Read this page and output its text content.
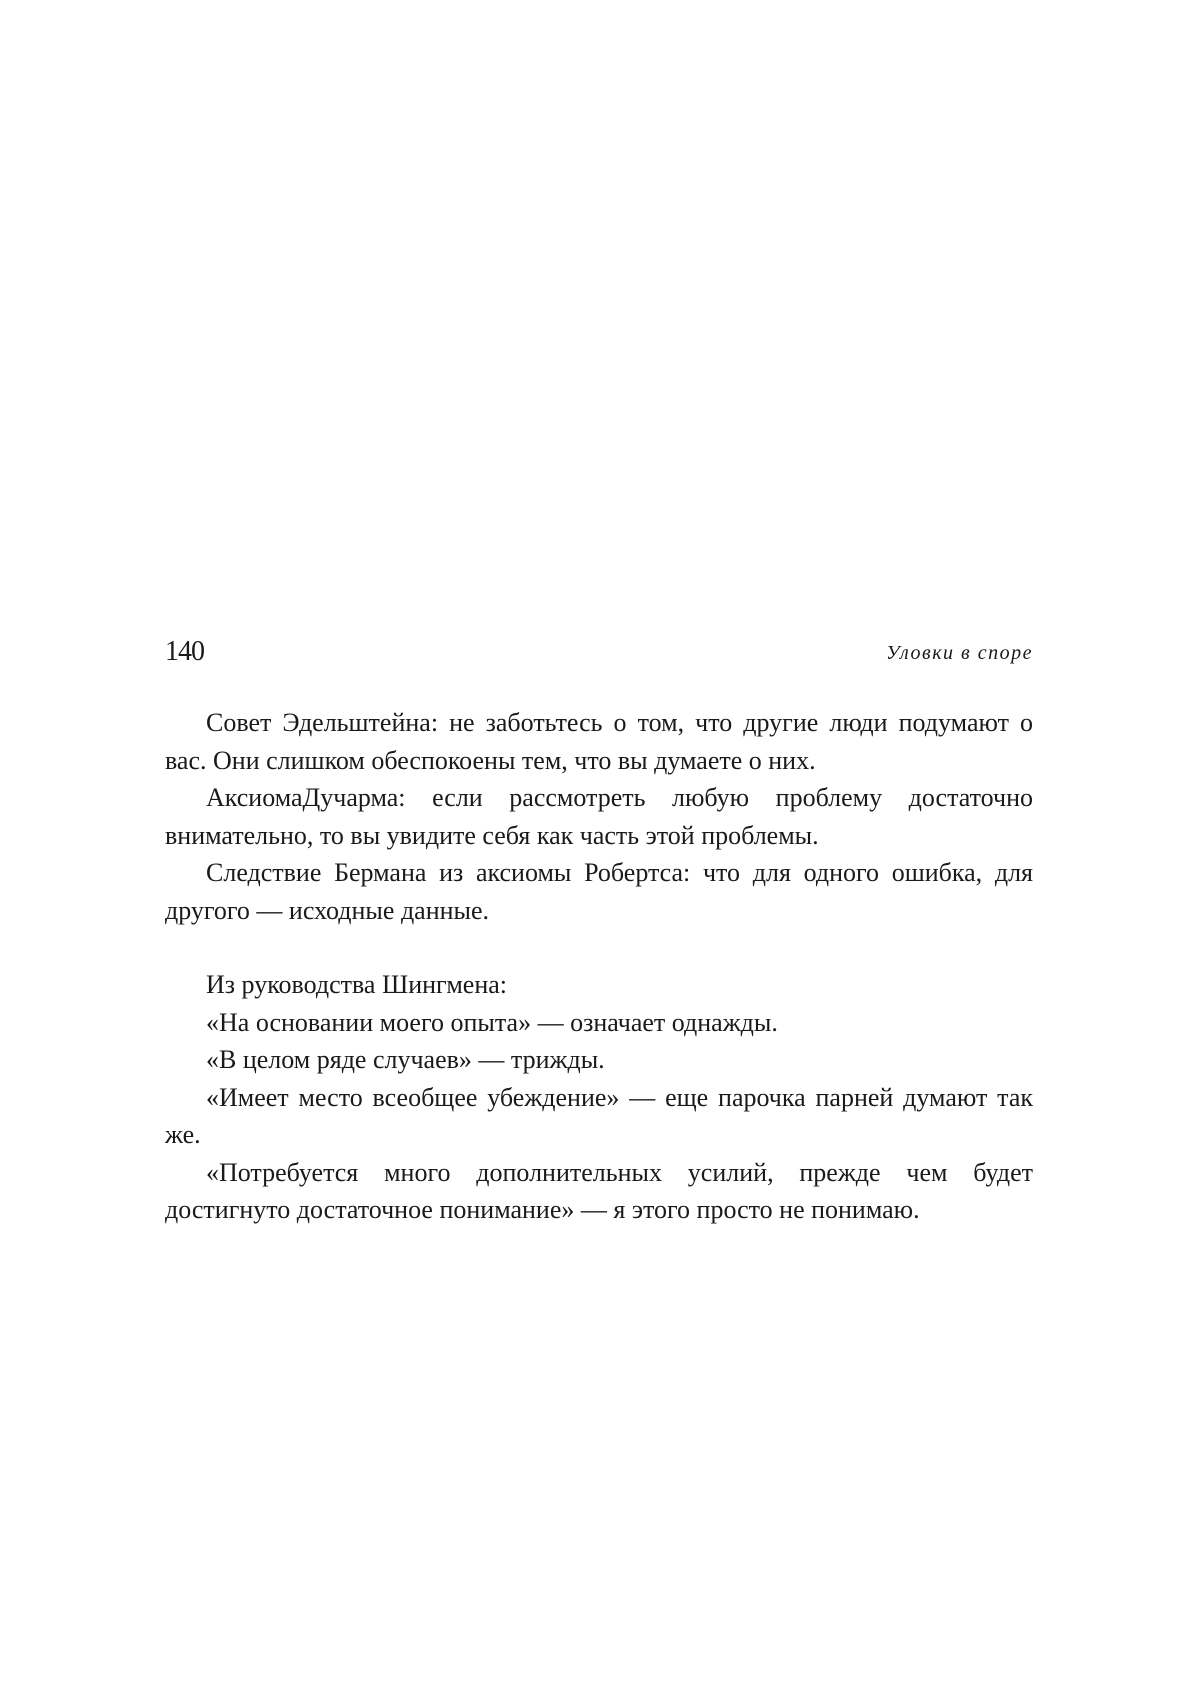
140	Уловки в споре

Совет Эдельштейна: не заботьтесь о том, что другие люди подумают о вас. Они слишком обеспокоены тем, что вы думаете о них.

АксиомаДучарма: если рассмотреть любую проблему достаточно внимательно, то вы увидите себя как часть этой проблемы.

Следствие Бермана из аксиомы Робертса: что для одного ошибка, для другого — исходные данные.

Из руководства Шингмена:

«На основании моего опыта» — означает однажды.

«В целом ряде случаев» — трижды.

«Имеет место всеобщее убеждение» — еще парочка парней думают так же.

«Потребуется много дополнительных усилий, прежде чем будет достигнуто достаточное понимание» — я этого просто не понимаю.
